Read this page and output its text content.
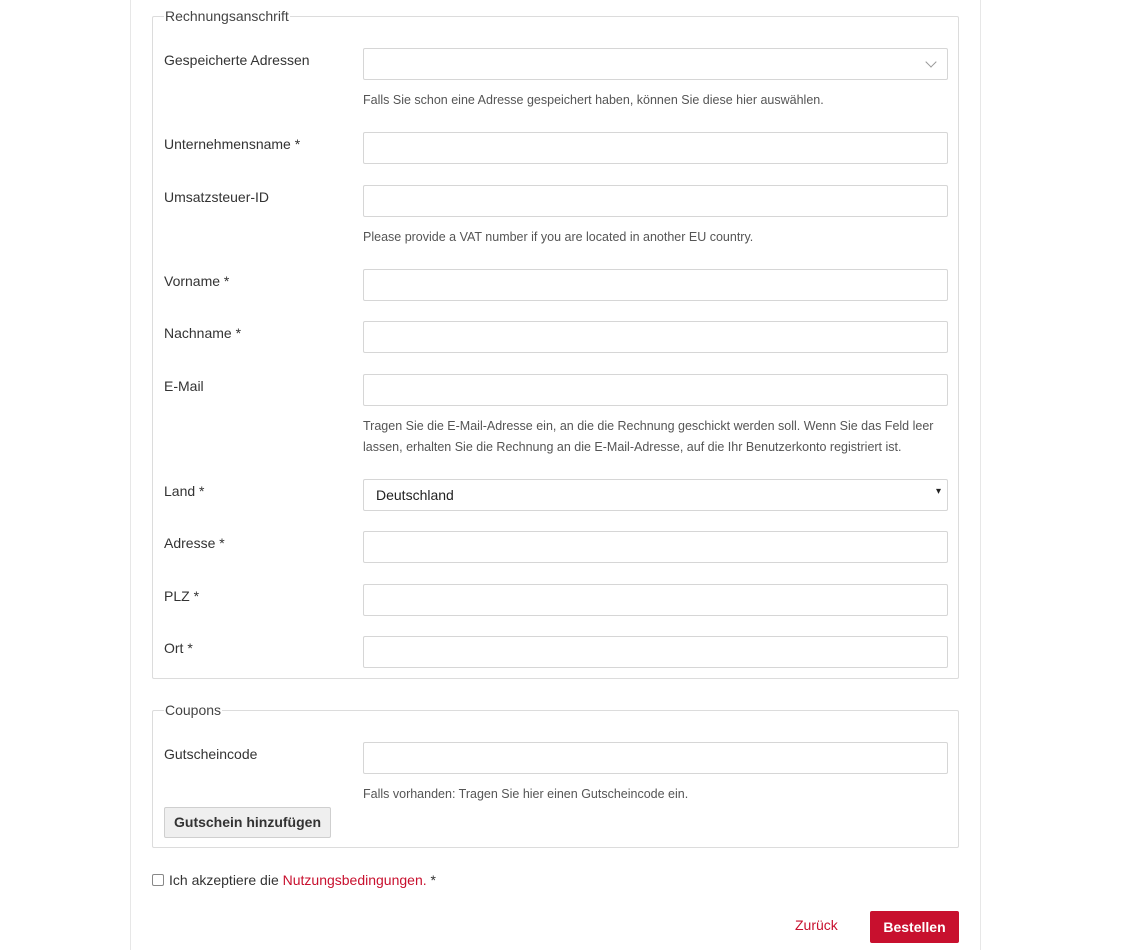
Rechnungsanschrift
Gespeicherte Adressen
Falls Sie schon eine Adresse gespeichert haben, können Sie diese hier auswählen.
Unternehmensname *
Umsatzsteuer-ID
Please provide a VAT number if you are located in another EU country.
Vorname *
Nachname *
E-Mail
Tragen Sie die E-Mail-Adresse ein, an die die Rechnung geschickt werden soll. Wenn Sie das Feld leer
lassen, erhalten Sie die Rechnung an die E-Mail-Adresse, auf die Ihr Benutzerkonto registriert ist.
Land *	Deutschland	▾
Adresse *
PLZ *
Ort *
Coupons
Gutscheincode
Falls vorhanden: Tragen Sie hier einen Gutscheincode ein.
Gutschein hinzufügen
Ich akzeptiere die
Nutzungsbedingungen.
*
Zurück	Bestellen
